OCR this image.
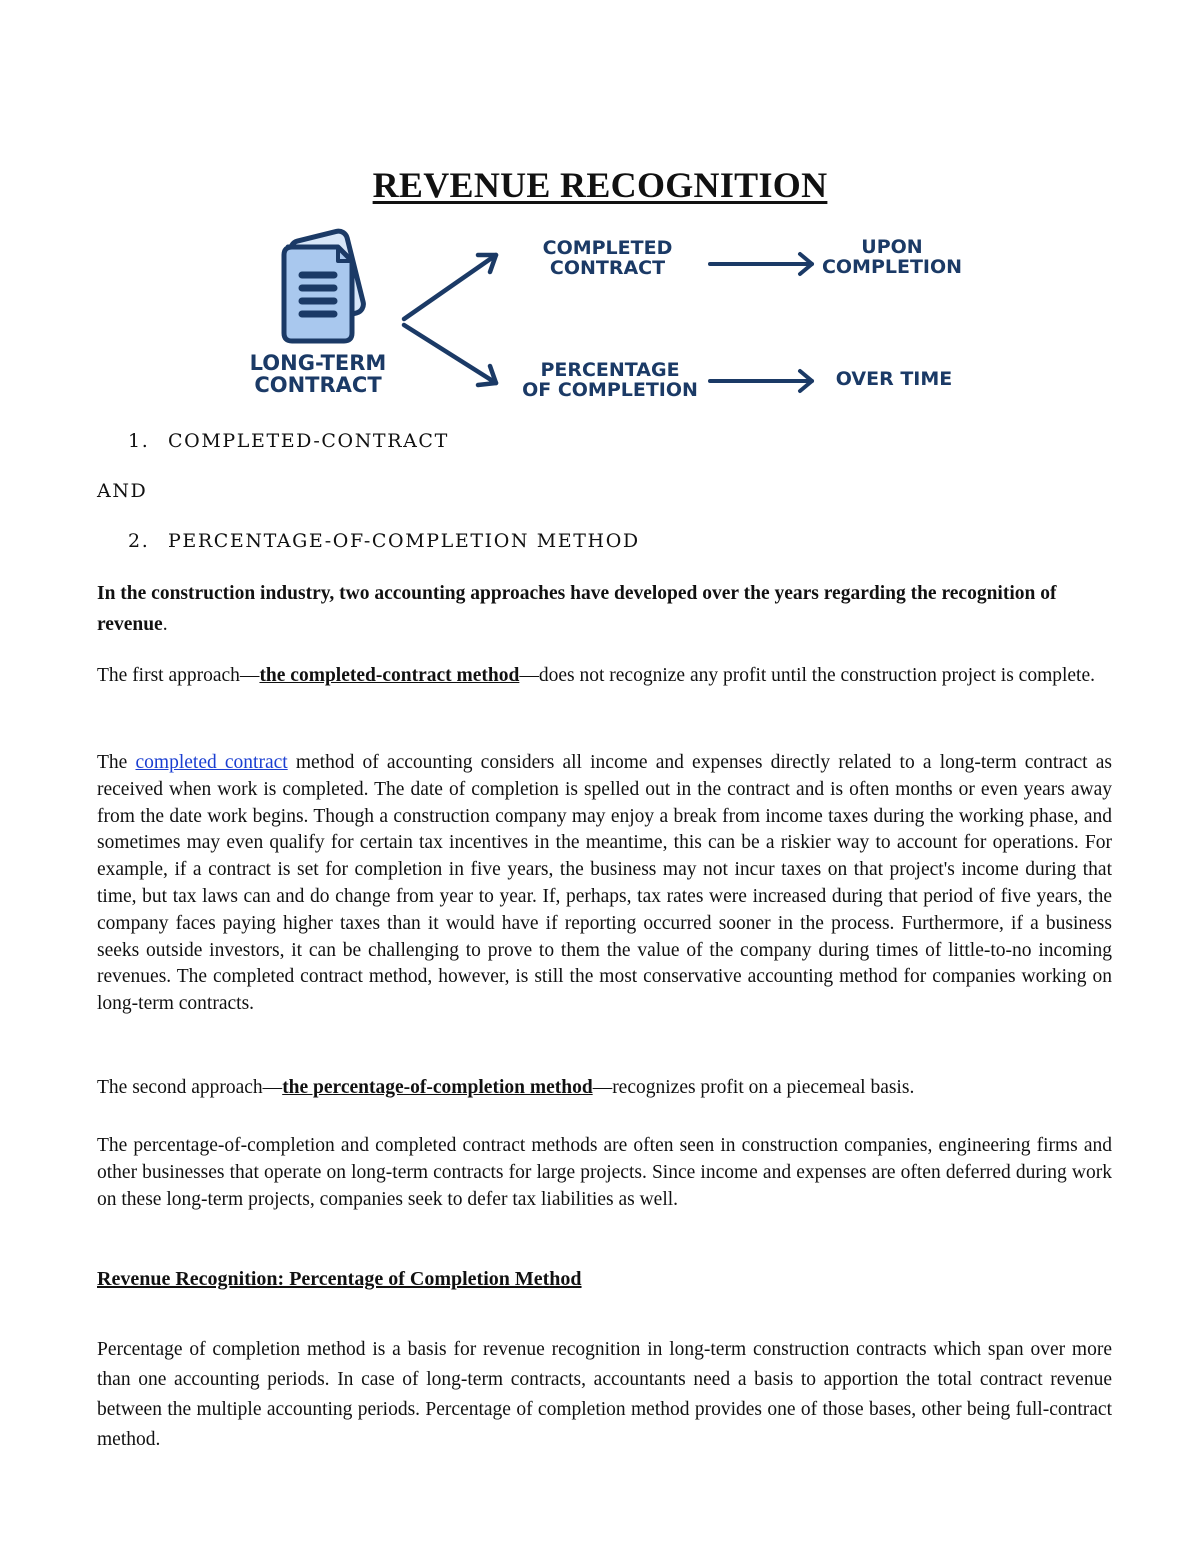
REVENUE RECOGNITION
LONG-TERM
CONTRACT
COMPLETED
CONTRACT
UPON
COMPLETION
PERCENTAGE
OF COMPLETION	OVER TIME
1. COMPLETED-CONTRACT
AND
2. PERCENTAGE-OF-COMPLETION METHOD
In the construction industry, two accounting approaches have developed over the years regarding the recognition of revenue.
The first approach—the completed-contract method—does not recognize any profit until the construction project is complete.
The completed contract method of accounting considers all income and expenses directly related to a long-term contract as received when work is completed. The date of completion is spelled out in the contract and is often months or even years away from the date work begins. Though a construction company may enjoy a break from income taxes during the working phase, and sometimes may even qualify for certain tax incentives in the meantime, this can be a riskier way to account for operations. For example, if a contract is set for completion in five years, the business may not incur taxes on that project's income during that time, but tax laws can and do change from year to year. If, perhaps, tax rates were increased during that period of five years, the company faces paying higher taxes than it would have if reporting occurred sooner in the process. Furthermore, if a business seeks outside investors, it can be challenging to prove to them the value of the company during times of little-to-no incoming revenues. The completed contract method, however, is still the most conservative accounting method for companies working on long-term contracts.
The second approach—the percentage-of-completion method—recognizes profit on a piecemeal basis.
The percentage-of-completion and completed contract methods are often seen in construction companies, engineering firms and other businesses that operate on long-term contracts for large projects. Since income and expenses are often deferred during work on these long-term projects, companies seek to defer tax liabilities as well.
Revenue Recognition: Percentage of Completion Method
Percentage of completion method is a basis for revenue recognition in long-term construction contracts which span over more than one accounting periods. In case of long-term contracts, accountants need a basis to apportion the total contract revenue between the multiple accounting periods. Percentage of completion method provides one of those bases, other being full-contract method.
